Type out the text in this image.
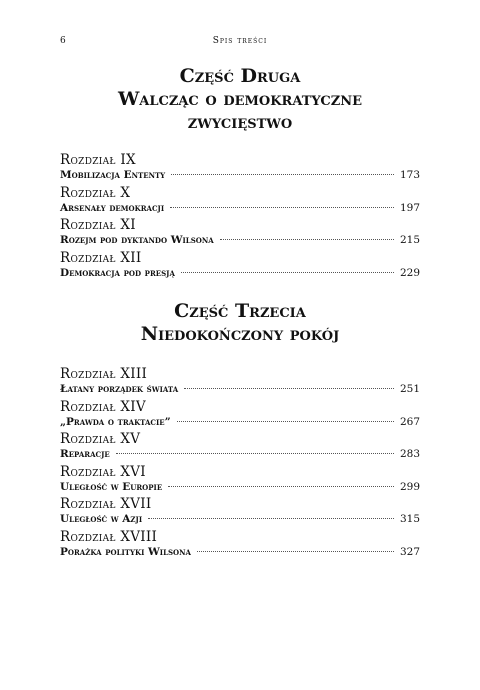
6	Spis treści
Część Druga
Walcząc o demokratyczne
zwycięstwo
Rozdział IX
Mobilizacja Ententy	173
Rozdział X
Arsenały demokracji	197
Rozdział XI
Rozejm pod dyktando Wilsona	215
Rozdział XII
Demokracja pod presją	229
Część Trzecia
Niedokończony pokój
Rozdział XIII
Łatany porządek świata	251
Rozdział XIV
„Prawda o traktacie”	267
Rozdział XV
Reparacje	283
Rozdział XVI
Uległość w Europie	299
Rozdział XVII
Uległość w Azji	315
Rozdział XVIII
Porażka polityki Wilsona	327
